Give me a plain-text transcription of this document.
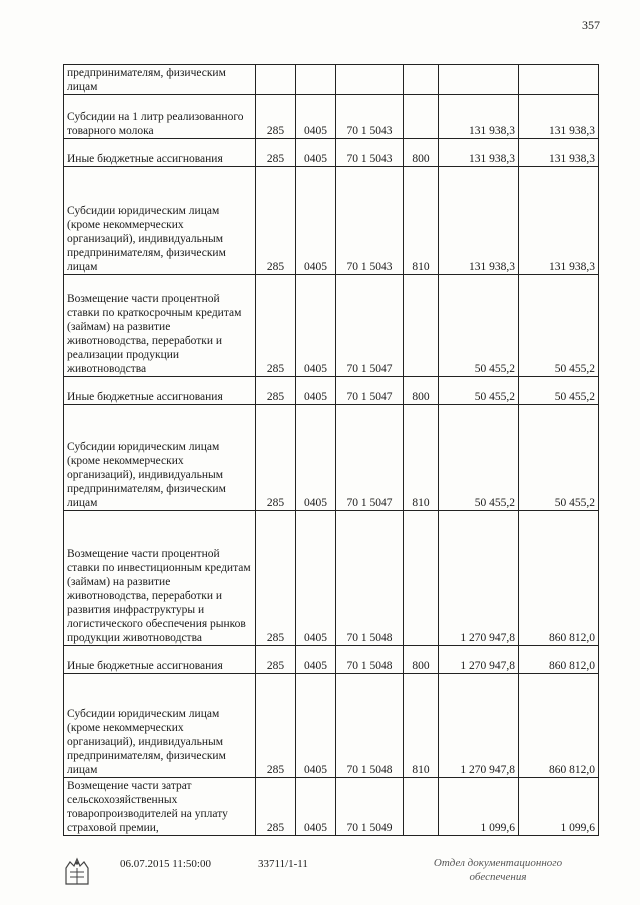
357
предпринимателям, физическим лицам						
Субсидии на 1 литр реализованного товарного молока	285	0405	70 1 5043		131 938,3	131 938,3
Иные бюджетные ассигнования	285	0405	70 1 5043	800	131 938,3	131 938,3
Субсидии юридическим лицам (кроме некоммерческих организаций), индивидуальным предпринимателям, физическим лицам	285	0405	70 1 5043	810	131 938,3	131 938,3
Возмещение части процентной ставки по краткосрочным кредитам (займам) на развитие животноводства, переработки и реализации продукции животноводства	285	0405	70 1 5047		50 455,2	50 455,2
Иные бюджетные ассигнования	285	0405	70 1 5047	800	50 455,2	50 455,2
Субсидии юридическим лицам (кроме некоммерческих организаций), индивидуальным предпринимателям, физическим лицам	285	0405	70 1 5047	810	50 455,2	50 455,2
Возмещение части процентной ставки по инвестиционным кредитам (займам) на развитие животноводства, переработки и развития инфраструктуры и логистического обеспечения рынков продукции животноводства	285	0405	70 1 5048		1 270 947,8	860 812,0
Иные бюджетные ассигнования	285	0405	70 1 5048	800	1 270 947,8	860 812,0
Субсидии юридическим лицам (кроме некоммерческих организаций), индивидуальным предпринимателям, физическим лицам	285	0405	70 1 5048	810	1 270 947,8	860 812,0
Возмещение части затрат сельскохозяйственных товаропроизводителей на уплату страховой премии,	285	0405	70 1 5049		1 099,6	1 099,6
06.07.2015 11:50:00	33711/1-11	Отдел документационного
обеспечения
